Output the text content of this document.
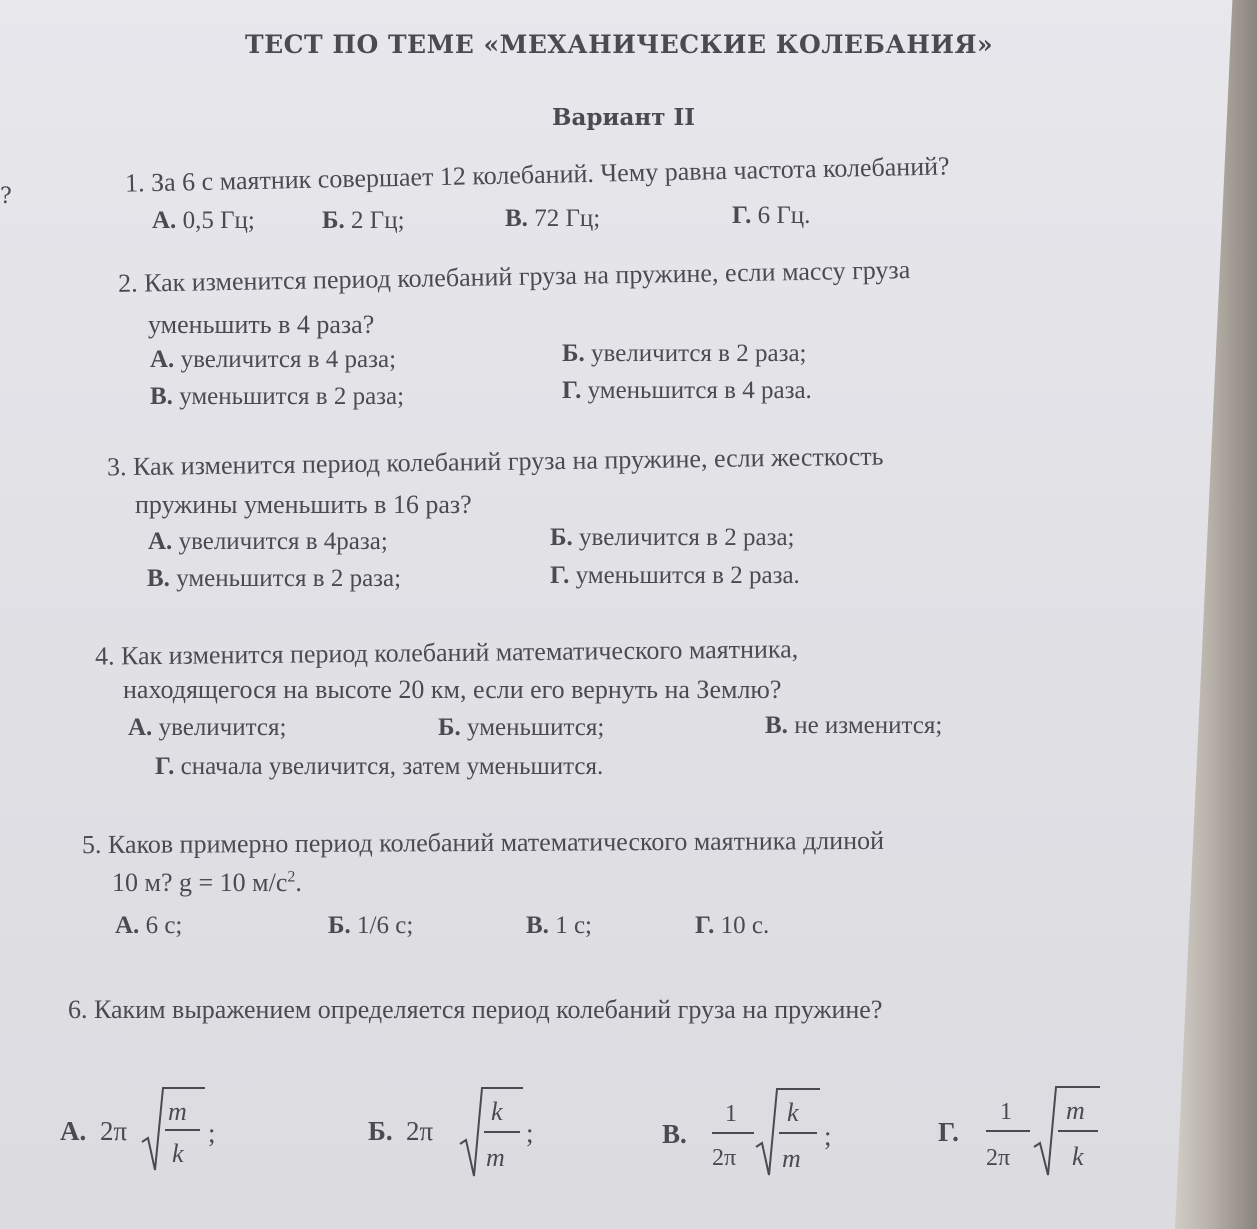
ТЕСТ ПО ТЕМЕ «МЕХАНИЧЕСКИЕ КОЛЕБАНИЯ»
Вариант II
?	1. За 6 с маятник совершает 12 колебаний. Чему равна частота колебаний?
А. 0,5 Гц;	Б. 2 Гц;	В. 72 Гц;	Г. 6 Гц.
2. Как изменится период колебаний груза на пружине, если массу груза
уменьшить в 4 раза?
А. увеличится в 4 раза;	Б. увеличится в 2 раза;
В. уменьшится в 2 раза;	Г. уменьшится в 4 раза.
3. Как изменится период колебаний груза на пружине, если жесткость
пружины уменьшить в 16 раз?
А. увеличится в 4раза;	Б. увеличится в 2 раза;
В. уменьшится в 2 раза;	Г. уменьшится в 2 раза.
4. Как изменится период колебаний математического маятника,
находящегося на высоте 20 км, если его вернуть на Землю?
А. увеличится;	Б. уменьшится;	В. не изменится;
Г. сначала увеличится, затем уменьшится.
5. Каков примерно период колебаний математического маятника длиной
10 м? g = 10 $м/с^2$.
А. 6 с;	Б. 1/6 с;	В. 1 с;	Г. 10 с.
6. Каким выражением определяется период колебаний груза на пружине?
А. 2π
m
k
;	Б. 2π
k
m
;	В.
1
2π
k
m
;	Г.
1
2π
m
k
